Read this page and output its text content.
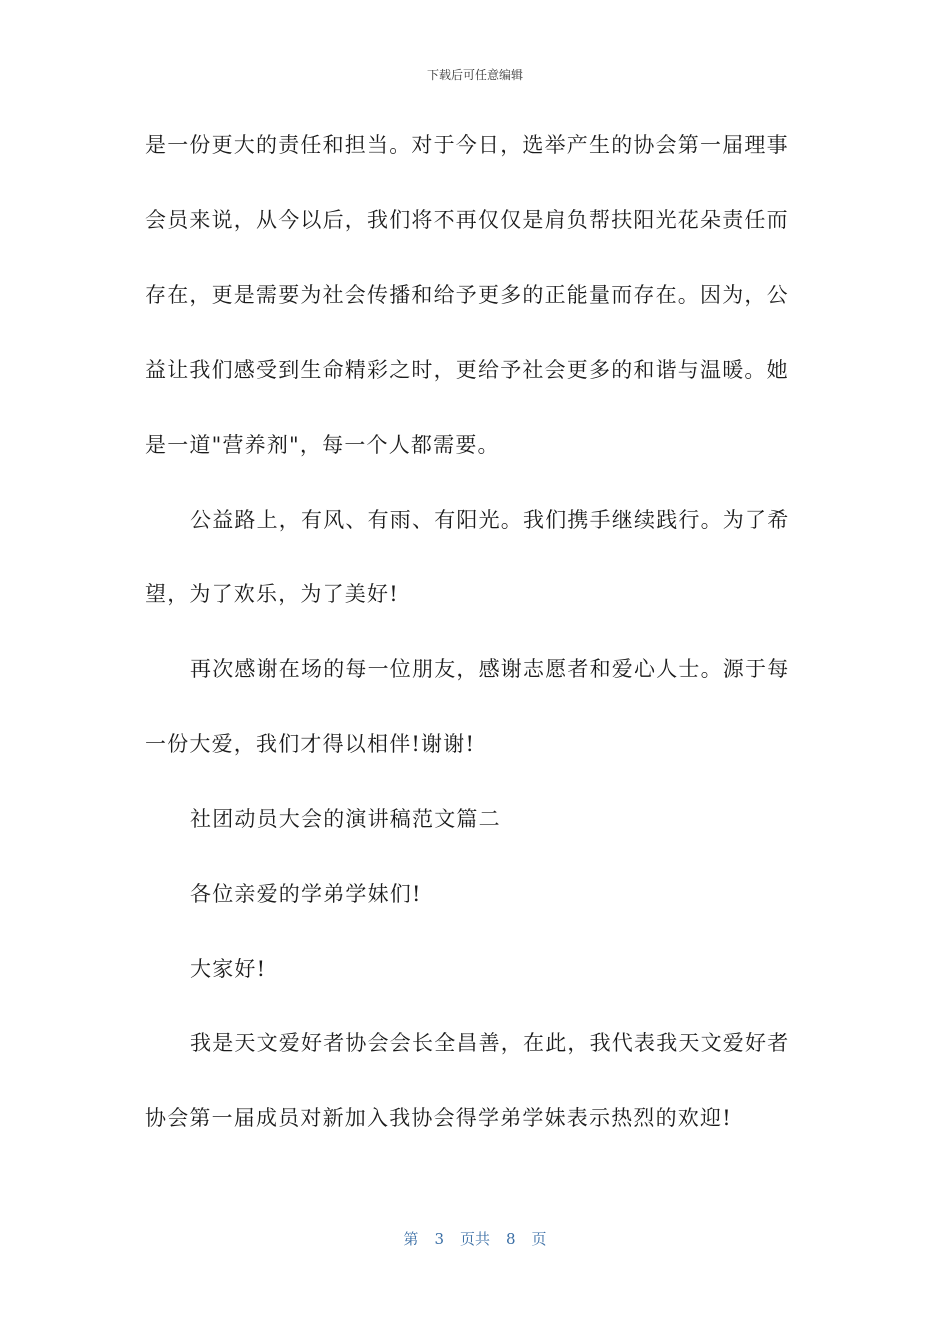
下载后可任意编辑
是一份更大的责任和担当。对于今日，选举产生的协会第一届理事
会员来说，从今以后，我们将不再仅仅是肩负帮扶阳光花朵责任而
存在，更是需要为社会传播和给予更多的正能量而存在。因为，公
益让我们感受到生命精彩之时，更给予社会更多的和谐与温暖。她
是一道"营养剂"，每一个人都需要。
公益路上，有风、有雨、有阳光。我们携手继续践行。为了希
望，为了欢乐，为了美好!
再次感谢在场的每一位朋友，感谢志愿者和爱心人士。源于每
一份大爱，我们才得以相伴!谢谢!
社团动员大会的演讲稿范文篇二
各位亲爱的学弟学妹们!
大家好!
我是天文爱好者协会会长全昌善，在此，我代表我天文爱好者
协会第一届成员对新加入我协会得学弟学妹表示热烈的欢迎!
第 3 页共 8 页
